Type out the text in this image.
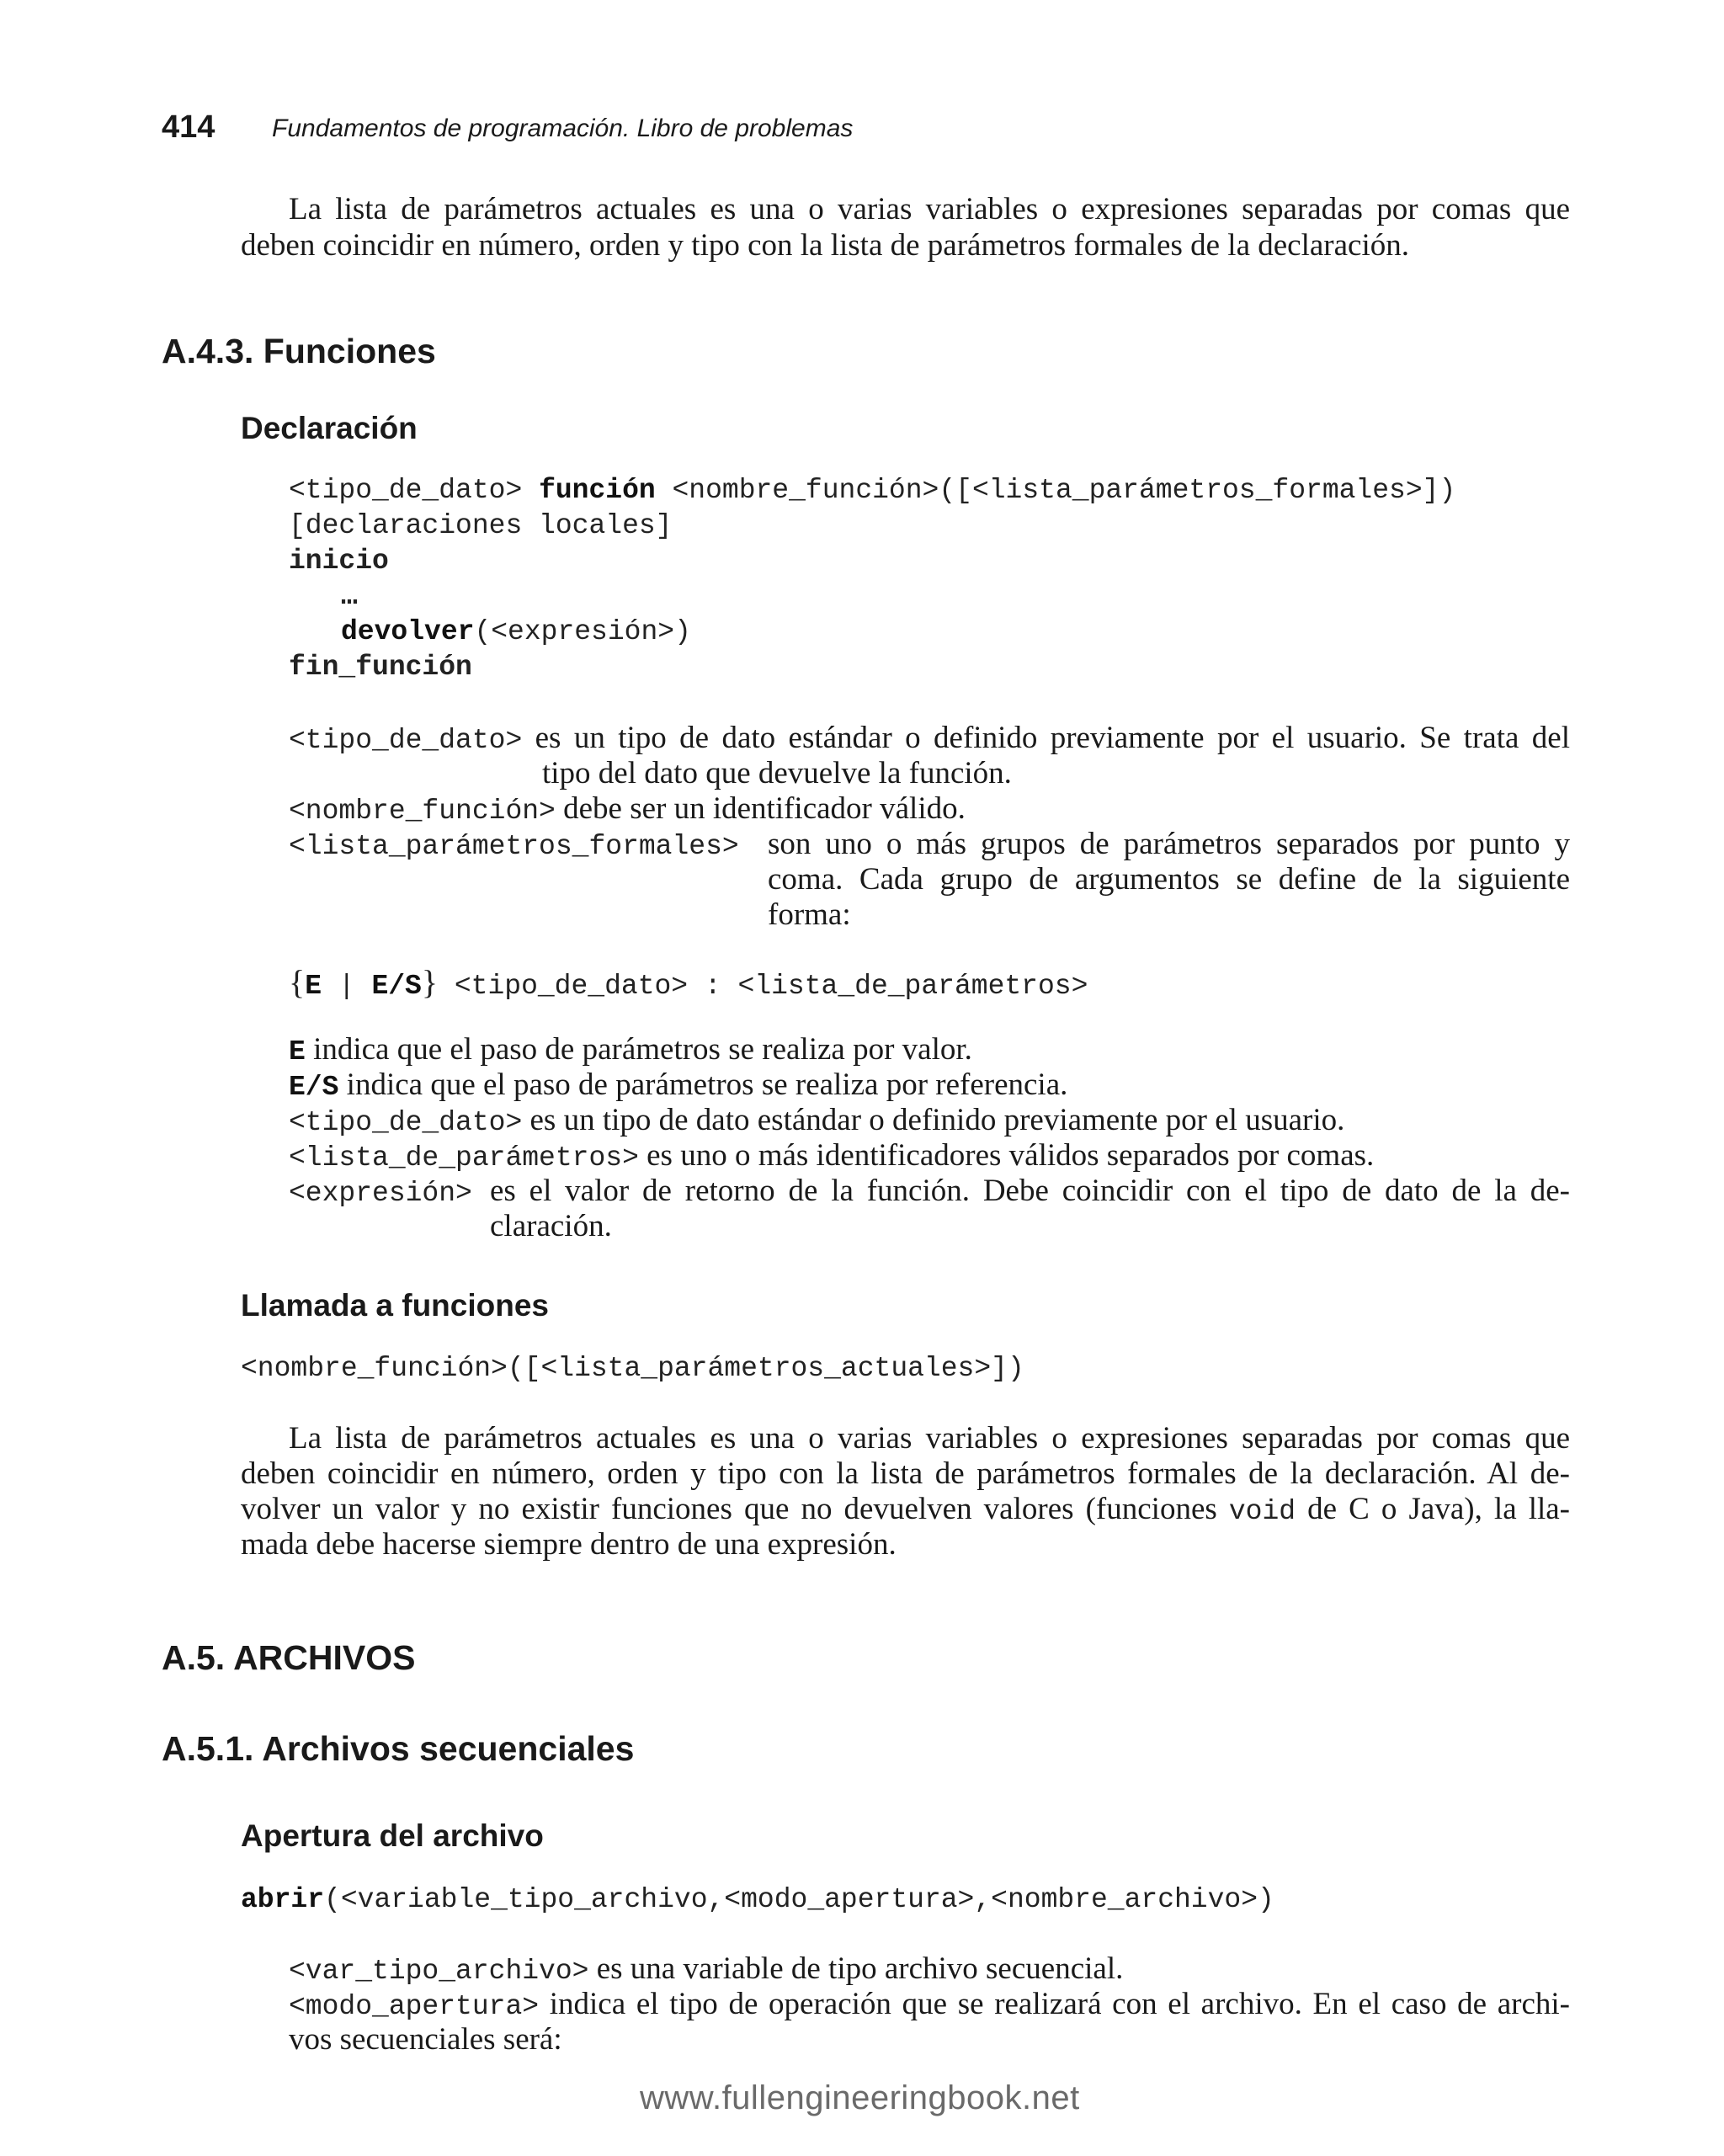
414 Fundamentos de programación. Libro de problemas
La lista de parámetros actuales es una o varias variables o expresiones separadas por comas que
deben coincidir en número, orden y tipo con la lista de parámetros formales de la declaración.
A.4.3. Funciones
Declaración
<tipo_de_dato> función <nombre_función>([<lista_parámetros_formales>])
[declaraciones locales]
inicio
…
devolver(<expresión>)
fin_función
<tipo_de_dato> es un tipo de dato estándar o definido previamente por el usuario. Se trata del
tipo del dato que devuelve la función.
<nombre_función> debe ser un identificador válido.
<lista_parámetros_formales> son uno o más grupos de parámetros separados por punto y
coma. Cada grupo de argumentos se define de la siguiente
forma:
{E | E/S} <tipo_de_dato> : <lista_de_parámetros>
E indica que el paso de parámetros se realiza por valor.
E/S indica que el paso de parámetros se realiza por referencia.
<tipo_de_dato> es un tipo de dato estándar o definido previamente por el usuario.
<lista_de_parámetros> es uno o más identificadores válidos separados por comas.
<expresión> es el valor de retorno de la función. Debe coincidir con el tipo de dato de la de-
claración.
Llamada a funciones
<nombre_función>([<lista_parámetros_actuales>])
La lista de parámetros actuales es una o varias variables o expresiones separadas por comas que
deben coincidir en número, orden y tipo con la lista de parámetros formales de la declaración. Al de-
volver un valor y no existir funciones que no devuelven valores (funciones void de C o Java), la lla-
mada debe hacerse siempre dentro de una expresión.
A.5. ARCHIVOS
A.5.1. Archivos secuenciales
Apertura del archivo
abrir(<variable_tipo_archivo,<modo_apertura>,<nombre_archivo>)
<var_tipo_archivo> es una variable de tipo archivo secuencial.
<modo_apertura> indica el tipo de operación que se realizará con el archivo. En el caso de archi-
vos secuenciales será:
www.fullengineeringbook.net
